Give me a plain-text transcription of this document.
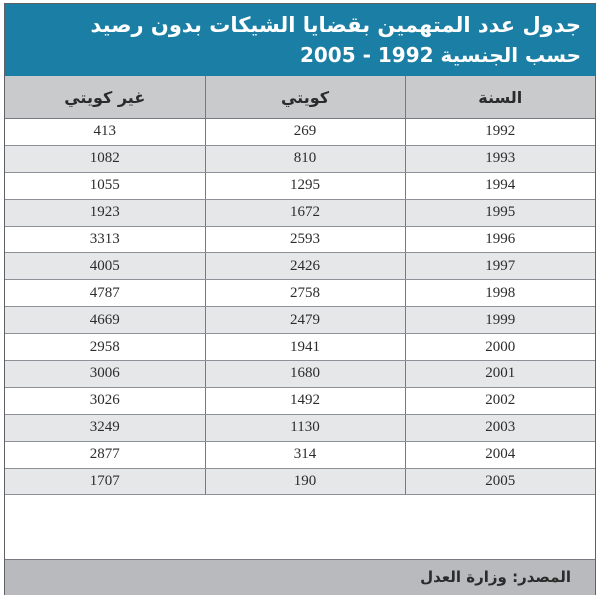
جدول عدد المتهمين بقضايا الشيكات بدون رصيد
حسب الجنسية 1992 - 2005
السنة	كويتي	غير كويتي
1992	269	413
1993	810	1082
1994	1295	1055
1995	1672	1923
1996	2593	3313
1997	2426	4005
1998	2758	4787
1999	2479	4669
2000	1941	2958
2001	1680	3006
2002	1492	3026
2003	1130	3249
2004	314	2877
2005	190	1707
المصدر: وزارة العدل
